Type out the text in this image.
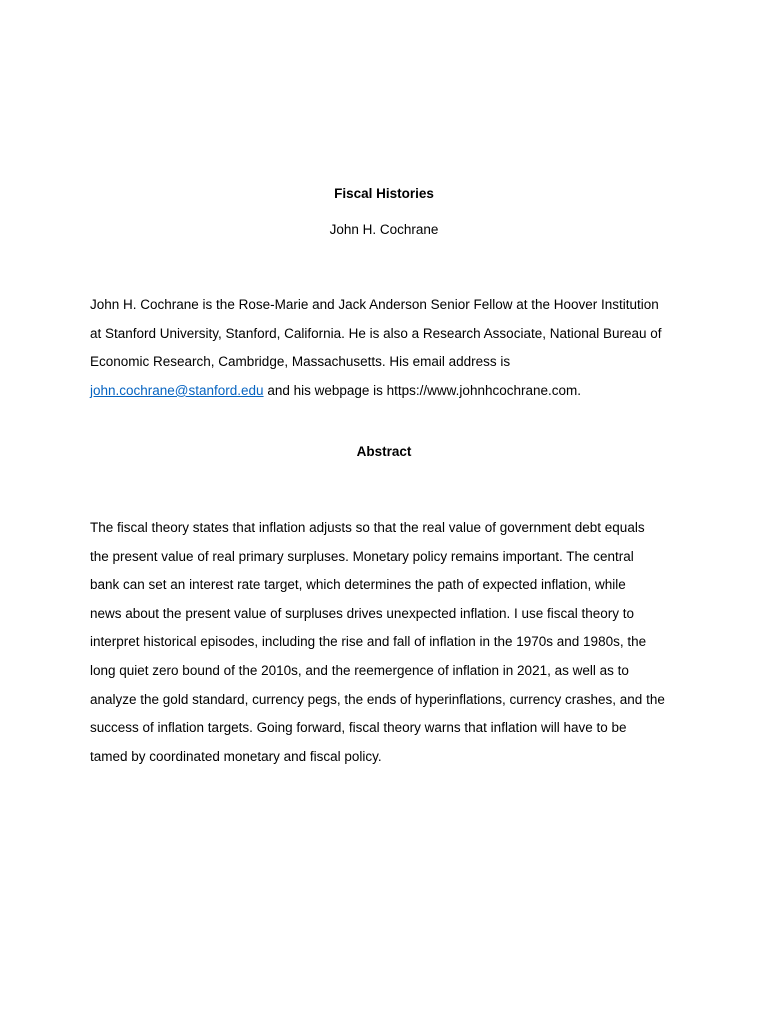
Fiscal Histories
John H. Cochrane
John H. Cochrane is the Rose-Marie and Jack Anderson Senior Fellow at the Hoover Institution
at Stanford University, Stanford, California. He is also a Research Associate, National Bureau of
Economic Research, Cambridge, Massachusetts. His email address is
john.cochrane@stanford.edu and his webpage is https://www.johnhcochrane.com.
Abstract
The fiscal theory states that inflation adjusts so that the real value of government debt equals
the present value of real primary surpluses. Monetary policy remains important. The central
bank can set an interest rate target, which determines the path of expected inflation, while
news about the present value of surpluses drives unexpected inflation. I use fiscal theory to
interpret historical episodes, including the rise and fall of inflation in the 1970s and 1980s, the
long quiet zero bound of the 2010s, and the reemergence of inflation in 2021, as well as to
analyze the gold standard, currency pegs, the ends of hyperinflations, currency crashes, and the
success of inflation targets. Going forward, fiscal theory warns that inflation will have to be
tamed by coordinated monetary and fiscal policy.
